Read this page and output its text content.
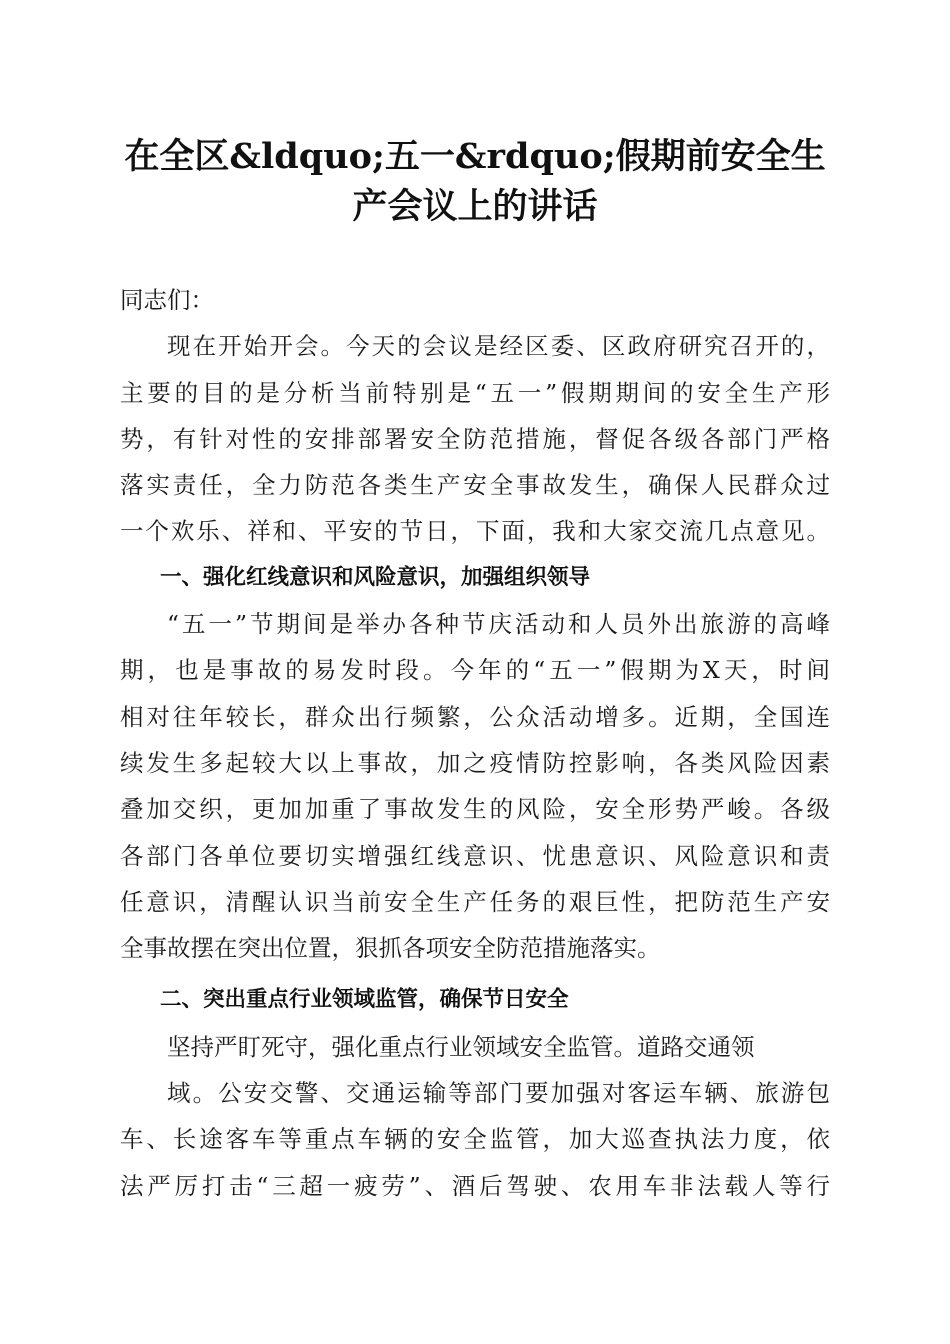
在全区&ldquo;五一&rdquo;假期前安全生
产会议上的讲话

同志们：

现在开始开会。今天的会议是经区委、区政府研究召开的，

主要的目的是分析当前特别是“五一”假期期间的安全生产形

势，有针对性的安排部署安全防范措施，督促各级各部门严格

落实责任，全力防范各类生产安全事故发生，确保人民群众过

一个欢乐、祥和、平安的节日，下面，我和大家交流几点意见。

一、强化红线意识和风险意识，加强组织领导

“五一”节期间是举办各种节庆活动和人员外出旅游的高峰

期，也是事故的易发时段。今年的“五一”假期为X天，时间

相对往年较长，群众出行频繁，公众活动增多。近期，全国连

续发生多起较大以上事故，加之疫情防控影响，各类风险因素

叠加交织，更加加重了事故发生的风险，安全形势严峻。各级

各部门各单位要切实增强红线意识、忧患意识、风险意识和责

任意识，清醒认识当前安全生产任务的艰巨性，把防范生产安

全事故摆在突出位置，狠抓各项安全防范措施落实。

二、突出重点行业领域监管，确保节日安全

坚持严盯死守，强化重点行业领域安全监管。道路交通领

域。公安交警、交通运输等部门要加强对客运车辆、旅游包

车、长途客车等重点车辆的安全监管，加大巡查执法力度，依

法严厉打击“三超一疲劳”、酒后驾驶、农用车非法载人等行
